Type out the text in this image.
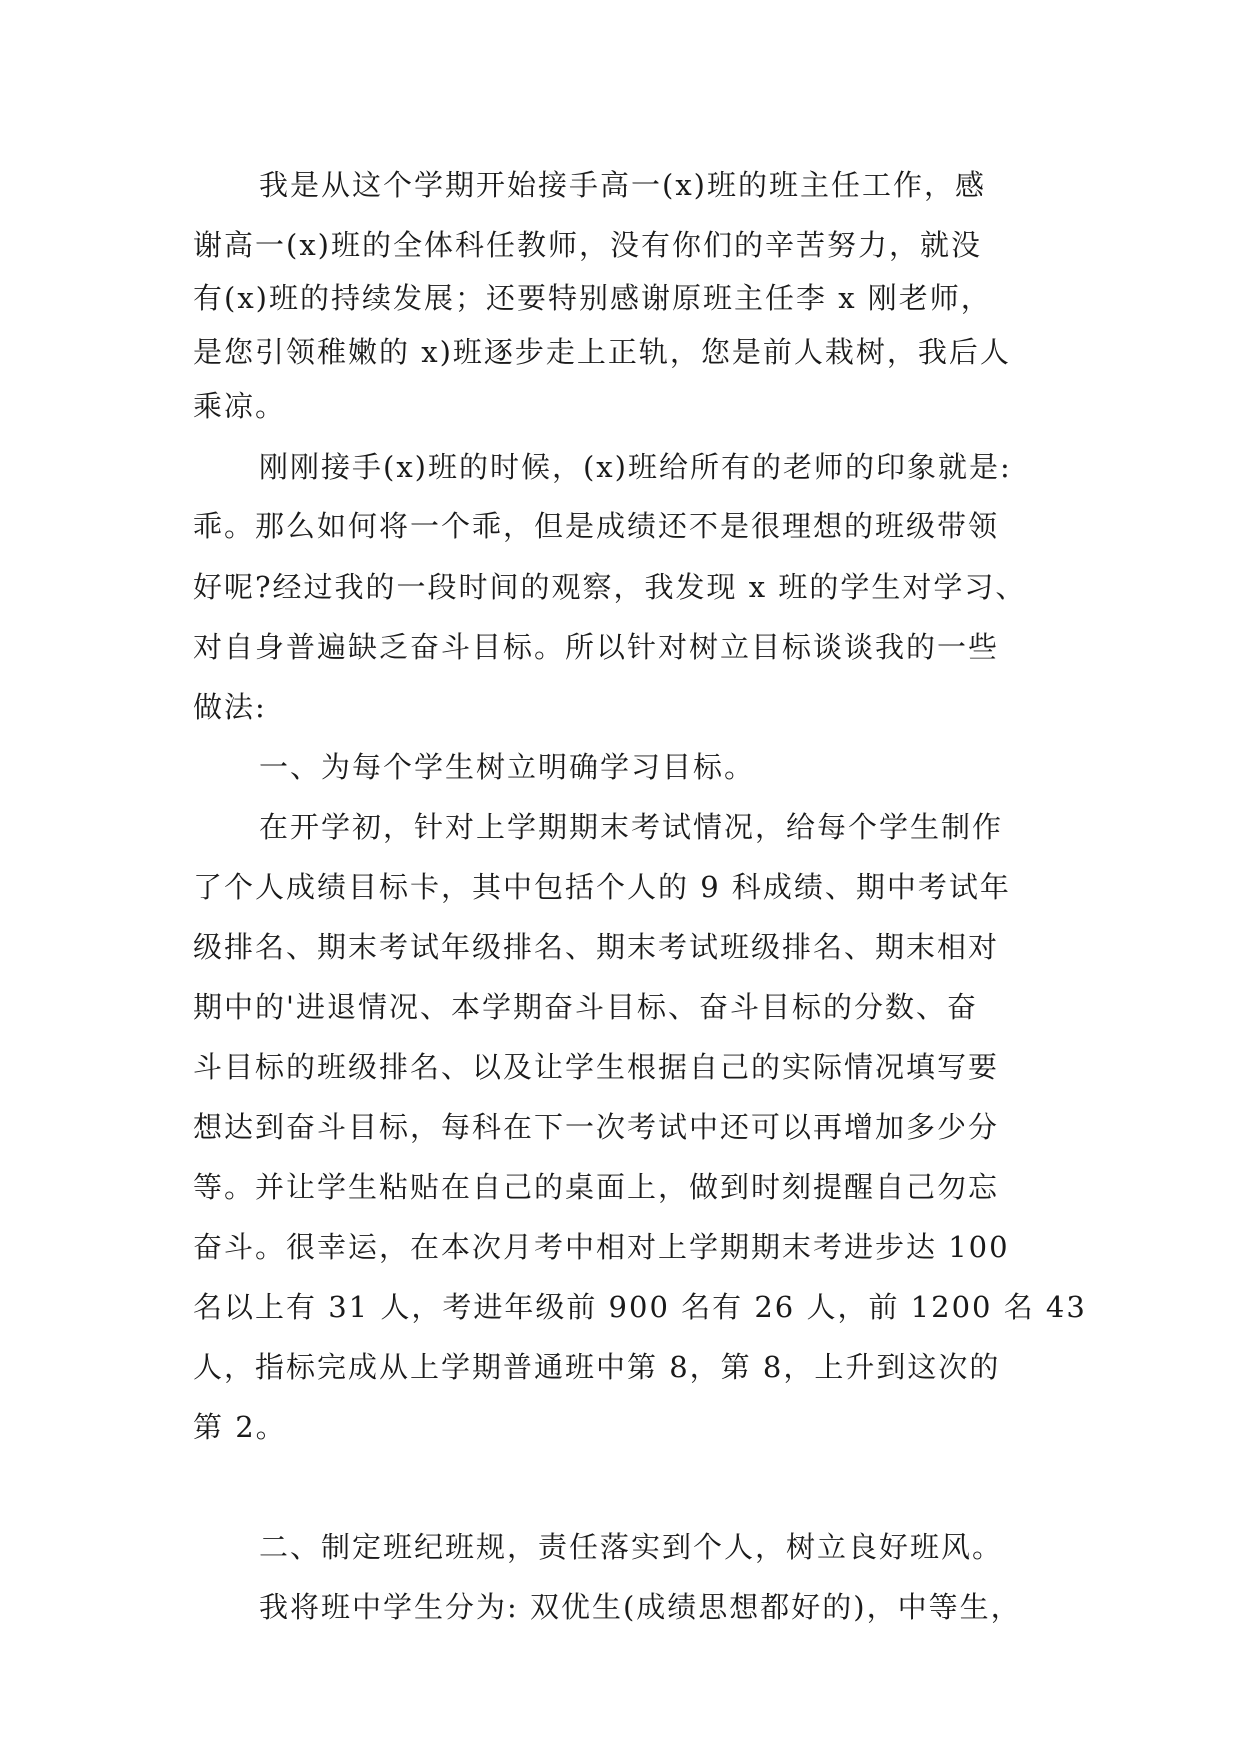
我是从这个学期开始接手高一(x)班的班主任工作，感
谢高一(x)班的全体科任教师，没有你们的辛苦努力，就没
有(x)班的持续发展；还要特别感谢原班主任李 x 刚老师，
是您引领稚嫩的 x)班逐步走上正轨，您是前人栽树，我后人
乘凉。
刚刚接手(x)班的时候，(x)班给所有的老师的印象就是:
乖。那么如何将一个乖，但是成绩还不是很理想的班级带领
好呢?经过我的一段时间的观察，我发现 x 班的学生对学习、
对自身普遍缺乏奋斗目标。所以针对树立目标谈谈我的一些
做法:
一、为每个学生树立明确学习目标。
在开学初，针对上学期期末考试情况，给每个学生制作
了个人成绩目标卡，其中包括个人的 9 科成绩、期中考试年
级排名、期末考试年级排名、期末考试班级排名、期末相对
期中的'进退情况、本学期奋斗目标、奋斗目标的分数、奋
斗目标的班级排名、以及让学生根据自己的实际情况填写要
想达到奋斗目标，每科在下一次考试中还可以再增加多少分
等。并让学生粘贴在自己的桌面上，做到时刻提醒自己勿忘
奋斗。很幸运，在本次月考中相对上学期期末考进步达 100
名以上有 31 人，考进年级前 900 名有 26 人，前 1200 名 43
人，指标完成从上学期普通班中第 8，第 8，上升到这次的
第 2。
二、制定班纪班规，责任落实到个人，树立良好班风。
我将班中学生分为: 双优生(成绩思想都好的)，中等生，
